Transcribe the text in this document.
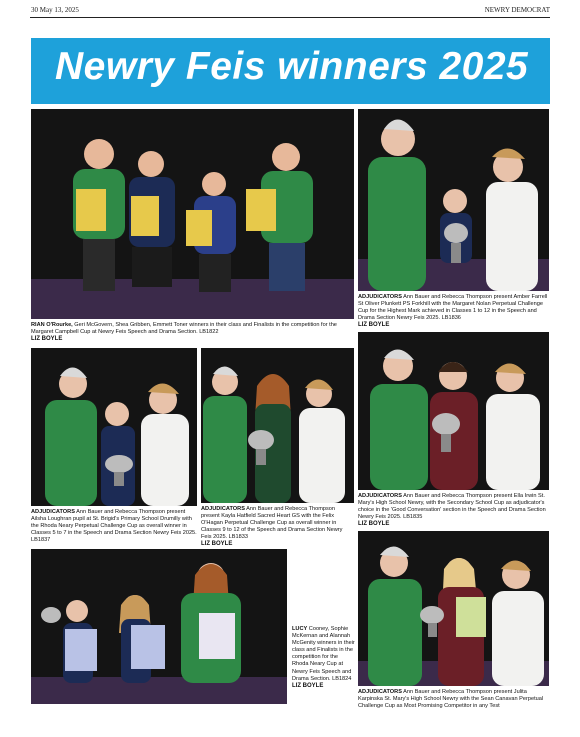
30 May 13, 2025	NEWRY DEMOCRAT
Newry Feis winners 2025
RIAN O'Rourke, Geri McGovern, Shea Gribben, Emmett Toner winners in their class and Finalists in the competition for the Margaret Campbell Cup at Newry Feis Speech and Drama Section. LB1822
LIZ BOYLE
ADJUDICATORS Ann Bauer and Rebecca Thompson present Amber Farrell St Oliver Plunkett PS Forkhill with the Margaret Nolan Perpetual Challenge Cup for the Highest Mark achieved in Classes 1 to 12 in the Speech and Drama Section Newry Feis 2025. LB1836
LIZ BOYLE
ADJUDICATORS Ann Bauer and Rebecca Thompson present Ailsha Loughran pupil at St. Brigid's Primary School Drumilly with the Rhoda Neary Perpetual Challenge Cup as overall winner in Classes 5 to 7 in the Speech and Drama Section Newry Feis 2025. LB1837
ADJUDICATORS Ann Bauer and Rebecca Thompson present Kayla Hatfield Sacred Heart GS with the Felix O'Hagan Perpetual Challenge Cup as overall winner in Classes 9 to 12 of the Speech and Drama Section Newry Feis 2025. LB1833
LIZ BOYLE
ADJUDICATORS Ann Bauer and Rebecca Thompson present Ella Irwin St. Mary's High School Newry, with the Secondary School Cup as adjudicator's choice in the 'Good Conversation' section in the Speech and Drama Section Newry Feis 2025. LB1835
LIZ BOYLE
LUCY Cooney, Sophie McKernan and Alannah McGenity winners in their class and Finalists in the competition for the Rhoda Neary Cup at Newry Feis Speech and Drama Section. LB1824
LIZ BOYLE
ADJUDICATORS Ann Bauer and Rebecca Thompson present Julita Karpinska St. Mary's High School Newry with the Sean Canavan Perpetual Challenge Cup as Most Promising Competitor in any Test
